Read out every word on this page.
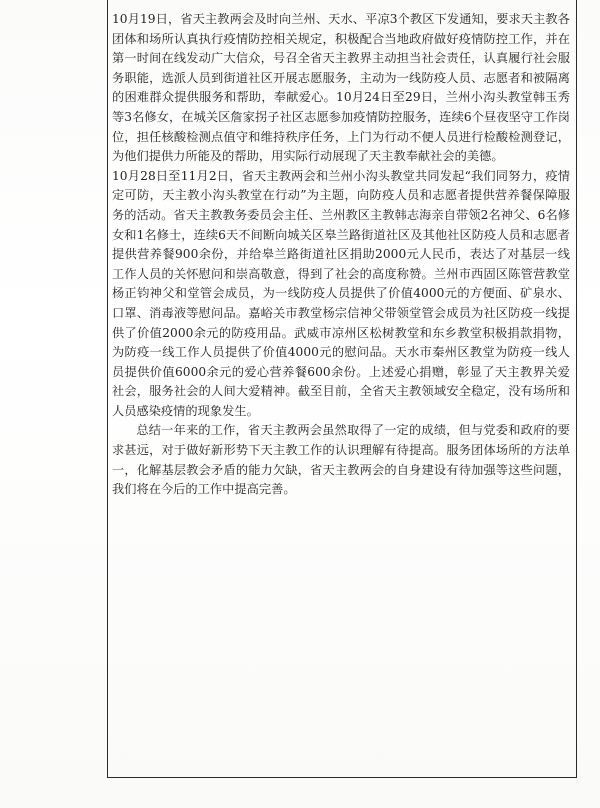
10月19日，省天主教两会及时向兰州、天水、平凉3个教区下发通知，要求天主教各团体和场所认真执行疫情防控相关规定，积极配合当地政府做好疫情防控工作，并在第一时间在线发动广大信众，号召全省天主教界主动担当社会责任，认真履行社会服务职能，选派人员到街道社区开展志愿服务，主动为一线防疫人员、志愿者和被隔离的困难群众提供服务和帮助，奉献爱心。10月24日至29日，兰州小沟头教堂韩玉秀等3名修女，在城关区詹家拐子社区志愿参加疫情防控服务，连续6个昼夜坚守工作岗位，担任核酸检测点值守和维持秩序任务，上门为行动不便人员进行检酸检测登记，为他们提供力所能及的帮助，用实际行动展现了天主教奉献社会的美德。

10月28日至11月2日，省天主教两会和兰州小沟头教堂共同发起“我们同努力，疫情定可防，天主教小沟头教堂在行动”为主题，向防疫人员和志愿者提供营养餐保障服务的活动。省天主教教务委员会主任、兰州教区主教韩志海亲自带领2名神父、6名修女和1名修士，连续6天不间断向城关区皋兰路街道社区及其他社区防疫人员和志愿者提供营养餐900余份，并给皋兰路街道社区捐助2000元人民币，表达了对基层一线工作人员的关怀慰问和崇高敬意，得到了社会的高度称赞。兰州市西固区陈管营教堂杨正钧神父和堂管会成员，为一线防疫人员提供了价值4000元的方便面、矿泉水、口罩、消毒液等慰问品。嘉峪关市教堂杨宗信神父带领堂管会成员为社区防疫一线提供了价值2000余元的防疫用品。武威市凉州区松树教堂和东乡教堂积极捐款捐物，为防疫一线工作人员提供了价值4000元的慰问品。天水市秦州区教堂为防疫一线人员提供价值6000余元的爱心营养餐600余份。上述爱心捐赠，彰显了天主教界关爱社会，服务社会的人间大爱精神。截至目前，全省天主教领域安全稳定，没有场所和人员感染疫情的现象发生。

总结一年来的工作，省天主教两会虽然取得了一定的成绩，但与党委和政府的要求甚远，对于做好新形势下天主教工作的认识理解有待提高。服务团体场所的方法单一，化解基层教会矛盾的能力欠缺，省天主教两会的自身建设有待加强等这些问题，我们将在今后的工作中提高完善。
